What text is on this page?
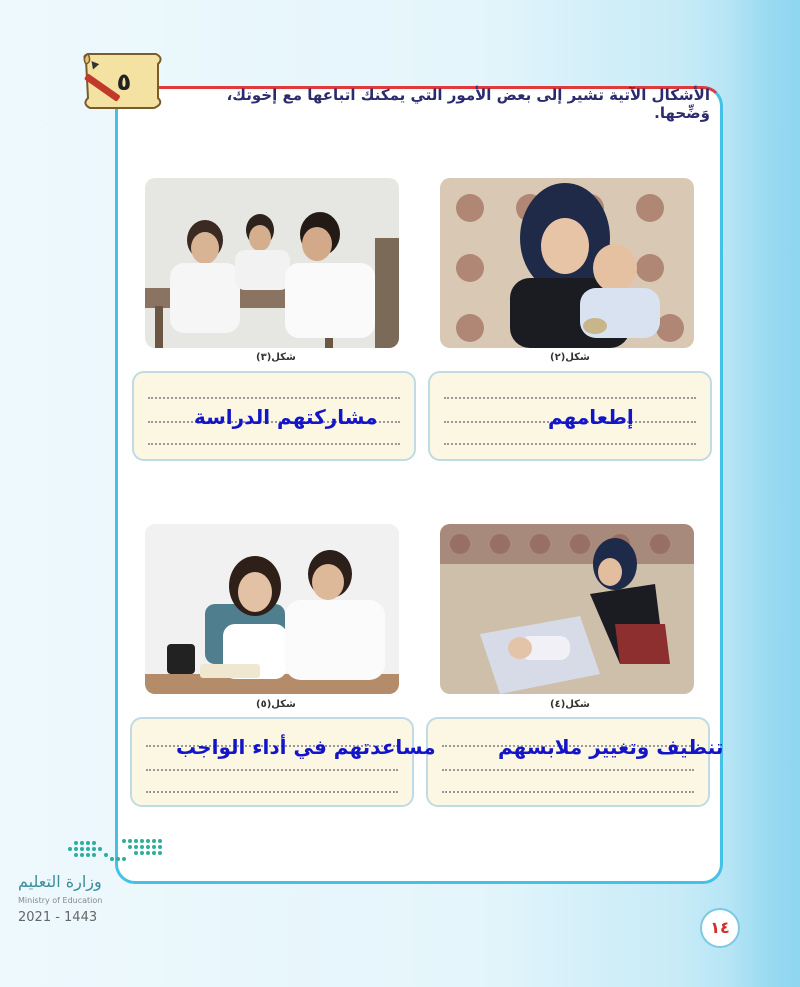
٥	الأشكال الآتية تشير إلى بعض الأمور التي يمكنك اتباعها مع إخوتك، وَضِّحها.
شكل(٢)
شكل(٣)
إطعامهم
مشاركتهم الدراسة
شكل(٤)
شكل(٥)
تنظيف وتغيير ملابسهم
مساعدتهم في أداء الواجب
وزارة التعليم
Ministry of Education
2021 - 1443
١٤
